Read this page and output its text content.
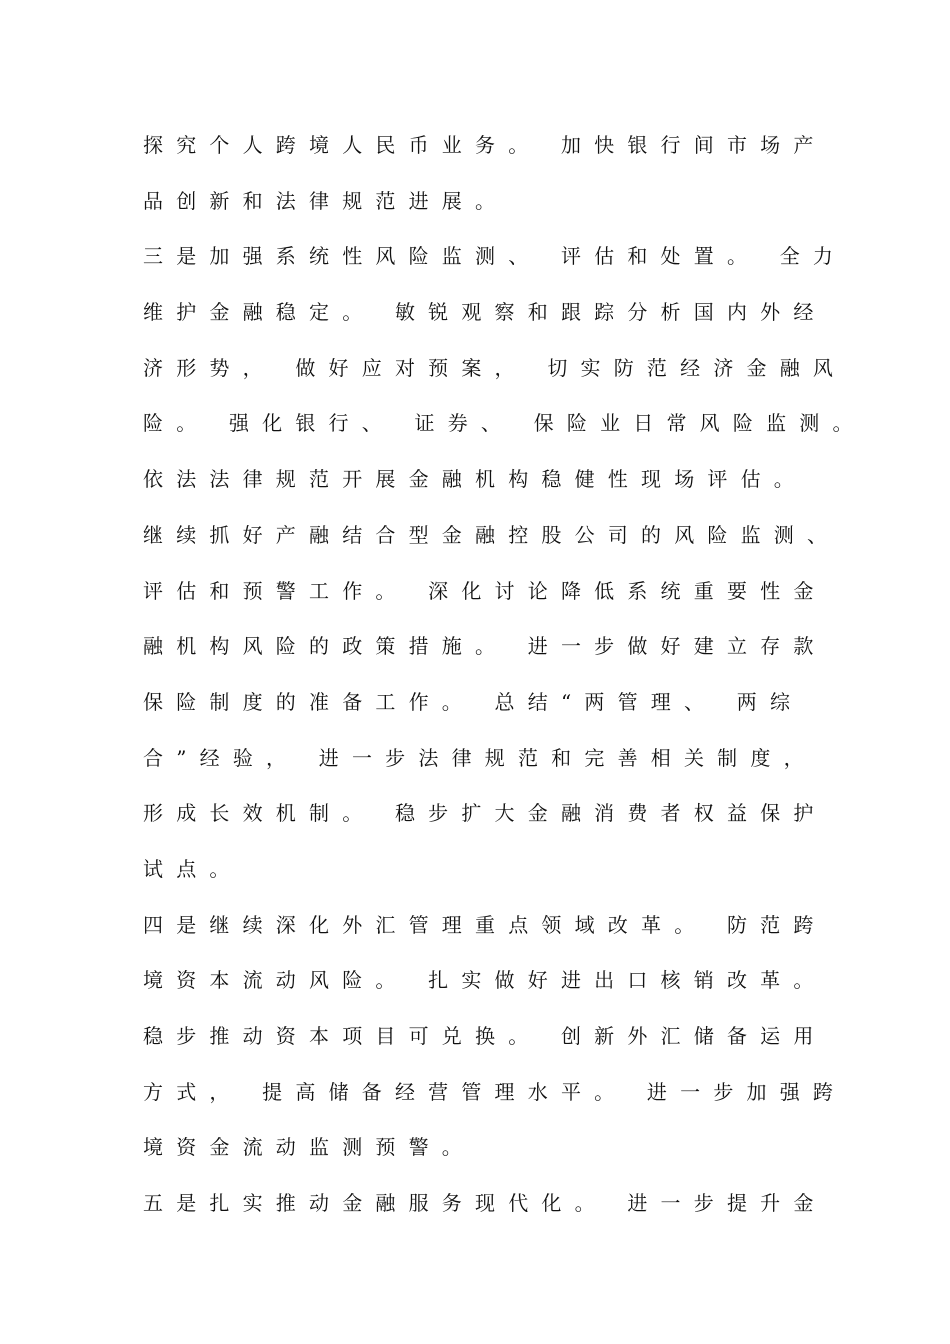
探究个人跨境人民币业务。 加快银行间市场产
品创新和法律规范进展。
三是加强系统性风险监测、 评估和处置。 全力
维护金融稳定。 敏锐观察和跟踪分析国内外经
济形势， 做好应对预案， 切实防范经济金融风
险。 强化银行、 证券、 保险业日常风险监测。
依法法律规范开展金融机构稳健性现场评估。
继续抓好产融结合型金融控股公司的风险监测、
评估和预警工作。 深化讨论降低系统重要性金
融机构风险的政策措施。 进一步做好建立存款
保险制度的准备工作。 总结“两管理、 两综
合”经验， 进一步法律规范和完善相关制度，
形成长效机制。 稳步扩大金融消费者权益保护
试点。
四是继续深化外汇管理重点领域改革。 防范跨
境资本流动风险。 扎实做好进出口核销改革。
稳步推动资本项目可兑换。 创新外汇储备运用
方式， 提高储备经营管理水平。 进一步加强跨
境资金流动监测预警。
五是扎实推动金融服务现代化。 进一步提升金
